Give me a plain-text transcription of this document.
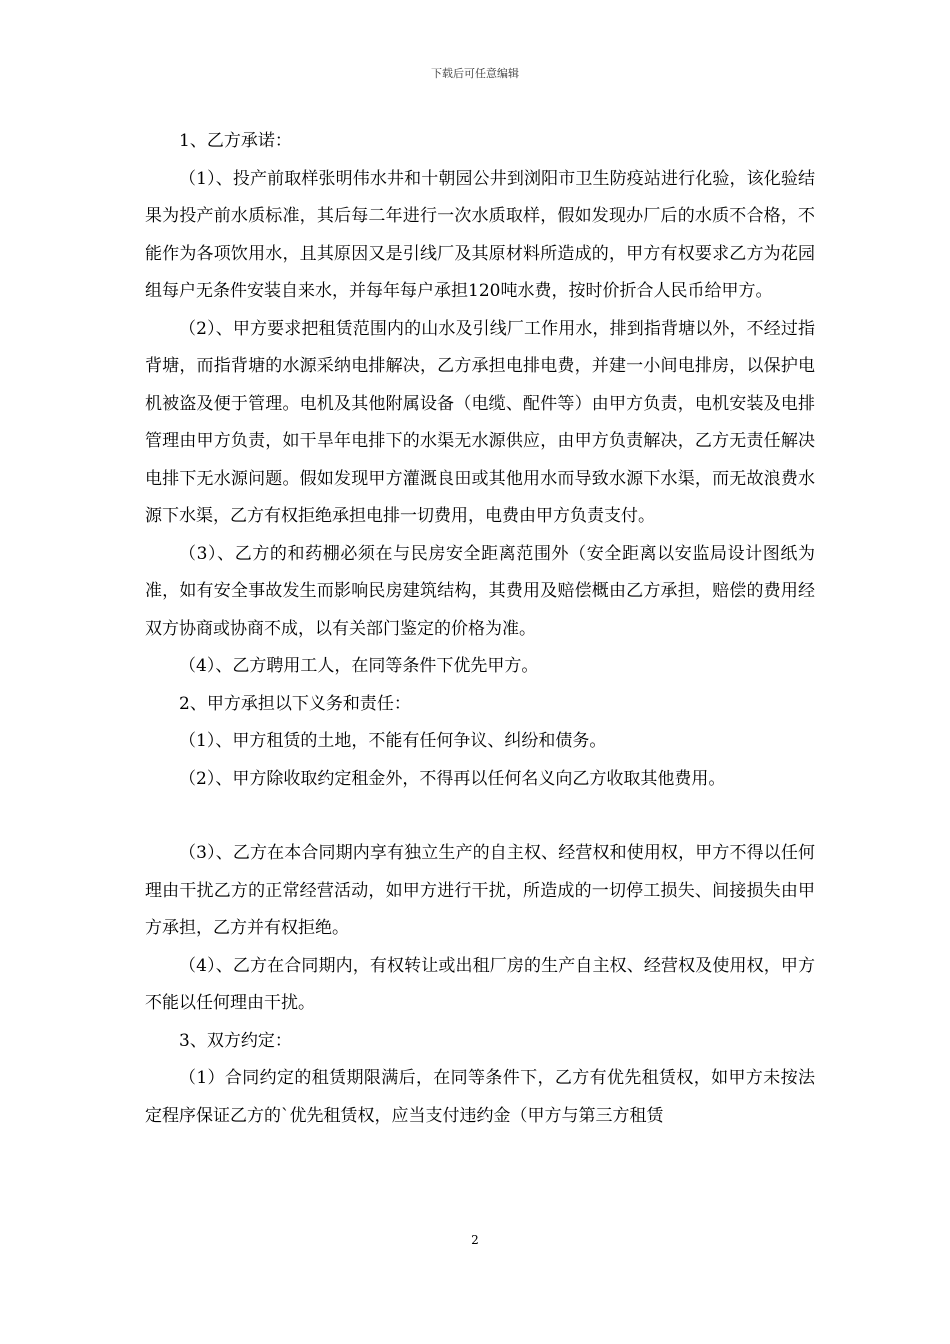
下载后可任意编辑

1、乙方承诺：

（1）、投产前取样张明伟水井和十朝园公井到浏阳市卫生防疫站进行化验，该化验结果为投产前水质标准，其后每二年进行一次水质取样，假如发现办厂后的水质不合格，不能作为各项饮用水，且其原因又是引线厂及其原材料所造成的，甲方有权要求乙方为花园组每户无条件安装自来水，并每年每户承担120吨水费，按时价折合人民币给甲方。

（2）、甲方要求把租赁范围内的山水及引线厂工作用水，排到指背塘以外，不经过指背塘，而指背塘的水源采纳电排解决，乙方承担电排电费，并建一小间电排房，以保护电机被盗及便于管理。电机及其他附属设备（电缆、配件等）由甲方负责，电机安装及电排管理由甲方负责，如干旱年电排下的水渠无水源供应，由甲方负责解决，乙方无责任解决电排下无水源问题。假如发现甲方灌溉良田或其他用水而导致水源下水渠，而无故浪费水源下水渠，乙方有权拒绝承担电排一切费用，电费由甲方负责支付。

（3）、乙方的和药棚必须在与民房安全距离范围外（安全距离以安监局设计图纸为准，如有安全事故发生而影响民房建筑结构，其费用及赔偿概由乙方承担，赔偿的费用经双方协商或协商不成，以有关部门鉴定的价格为准。

（4）、乙方聘用工人，在同等条件下优先甲方。

2、甲方承担以下义务和责任：

（1）、甲方租赁的土地，不能有任何争议、纠纷和债务。

（2）、甲方除收取约定租金外，不得再以任何名义向乙方收取其他费用。

（3）、乙方在本合同期内享有独立生产的自主权、经营权和使用权，甲方不得以任何理由干扰乙方的正常经营活动，如甲方进行干扰，所造成的一切停工损失、间接损失由甲方承担，乙方并有权拒绝。

（4）、乙方在合同期内，有权转让或出租厂房的生产自主权、经营权及使用权，甲方不能以任何理由干扰。

3、双方约定：

（1）合同约定的租赁期限满后，在同等条件下，乙方有优先租赁权，如甲方未按法定程序保证乙方的`优先租赁权，应当支付违约金（甲方与第三方租赁

2
